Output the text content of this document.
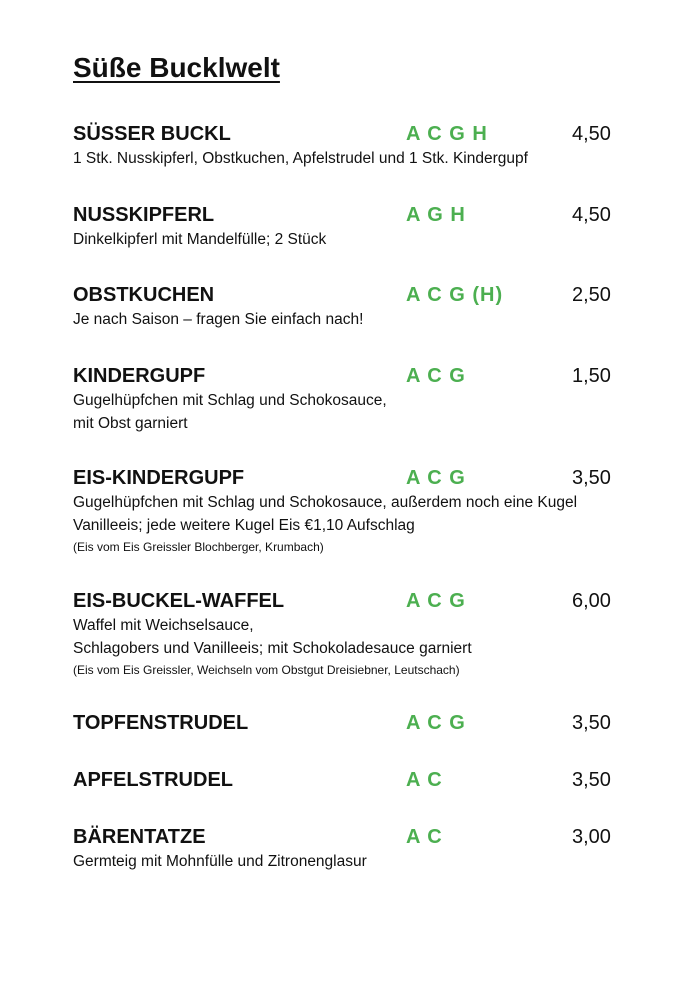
Süße Bucklwelt
SÜSSER BUCKL	A C G H	4,50
1 Stk. Nusskipferl, Obstkuchen, Apfelstrudel und 1 Stk. Kindergupf
NUSSKIPFERL	A G H	4,50
Dinkelkipferl mit Mandelfülle; 2 Stück
OBSTKUCHEN	A C G (H)	2,50
Je nach Saison – fragen Sie einfach nach!
KINDERGUPF	A C G	1,50
Gugelhüpfchen mit Schlag und Schokosauce,
mit Obst garniert
EIS-KINDERGUPF	A C G	3,50
Gugelhüpfchen mit Schlag und Schokosauce, außerdem noch eine Kugel
Vanilleeis; jede weitere Kugel Eis €1,10 Aufschlag
(Eis vom Eis Greissler Blochberger, Krumbach)
EIS-BUCKEL-WAFFEL	A C G	6,00
Waffel mit Weichselsauce,
Schlagobers und Vanilleeis; mit Schokoladesauce garniert
(Eis vom Eis Greissler, Weichseln vom Obstgut Dreisiebner, Leutschach)
TOPFENSTRUDEL	A C G	3,50
APFELSTRUDEL	A C	3,50
BÄRENTATZE	A C	3,00
Germteig mit Mohnfülle und Zitronenglasur
